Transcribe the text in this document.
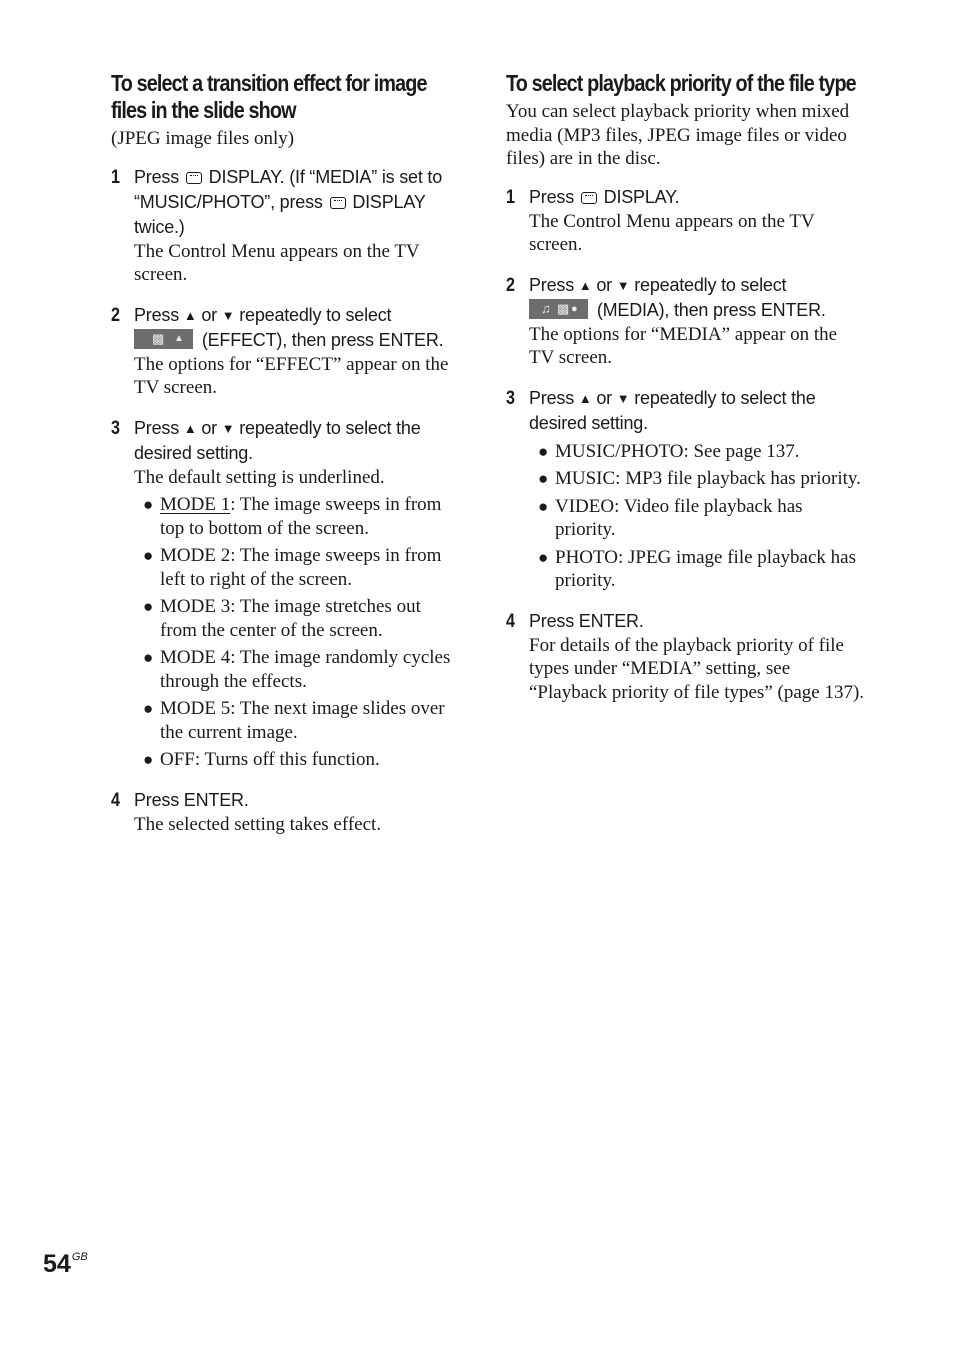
To select a transition effect for image files in the slide show
(JPEG image files only)
1 Press DISPLAY. (If “MEDIA” is set to “MUSIC/PHOTO”, press DISPLAY twice.)
The Control Menu appears on the TV screen.
2 Press ▲ or ▼ repeatedly to select

▩ ▲ (EFFECT), then press ENTER.
The options for “EFFECT” appear on the TV screen.
3 Press ▲ or ▼ repeatedly to select the desired setting.
The default setting is underlined.
● MODE 1: The image sweeps in from top to bottom of the screen.
● MODE 2: The image sweeps in from left to right of the screen.
● MODE 3: The image stretches out from the center of the screen.
● MODE 4: The image randomly cycles through the effects.
● MODE 5: The next image slides over the current image.
● OFF: Turns off this function.
4 Press ENTER.
The selected setting takes effect.
To select playback priority of the file type
You can select playback priority when mixed media (MP3 files, JPEG image files or video files) are in the disc.
1 Press DISPLAY.
The Control Menu appears on the TV screen.
2 Press ▲ or ▼ repeatedly to select

♫ ▩ ● (MEDIA), then press ENTER.
The options for “MEDIA” appear on the TV screen.
3 Press ▲ or ▼ repeatedly to select the desired setting.
● MUSIC/PHOTO: See page 137.
● MUSIC: MP3 file playback has priority.
● VIDEO: Video file playback has priority.
● PHOTO: JPEG image file playback has priority.
4 Press ENTER.
For details of the playback priority of file types under “MEDIA” setting, see “Playback priority of file types” (page 137).
$54^{GB}$
